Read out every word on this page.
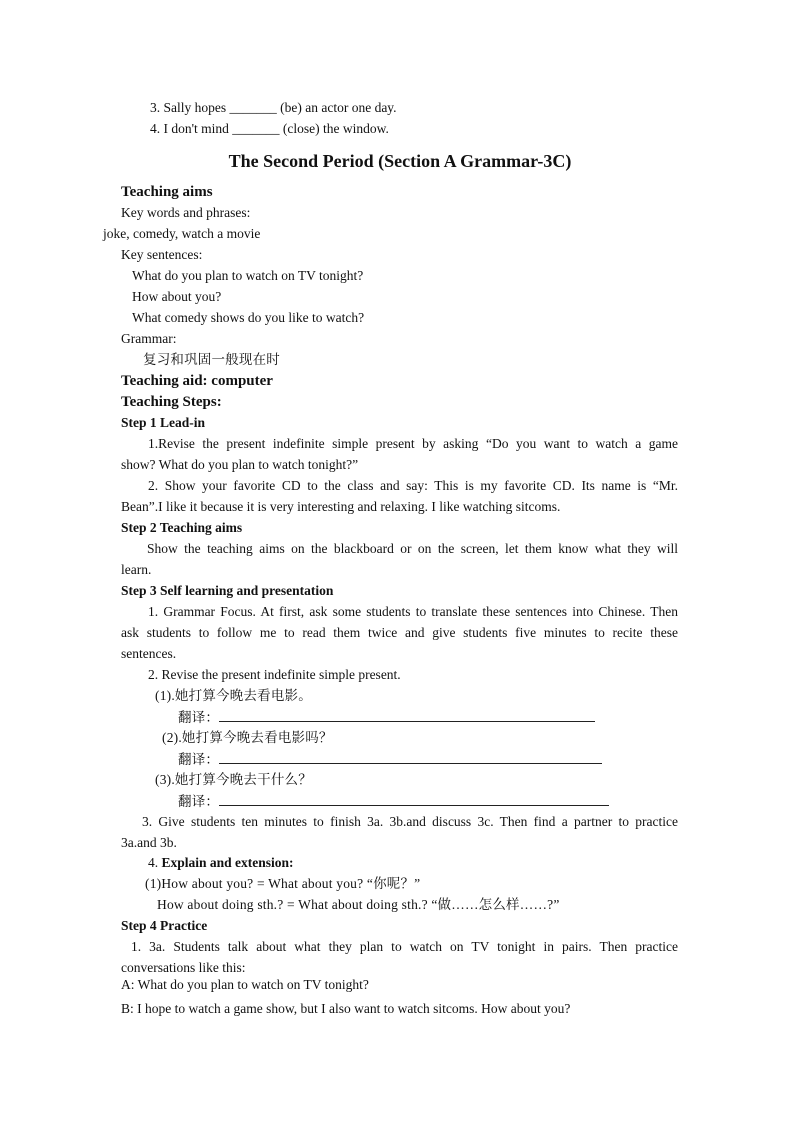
3. Sally hopes _______ (be) an actor one day.
4. I don't mind _______ (close) the window.
The Second Period (Section A Grammar-3C)
Teaching aims
Key words and phrases:
joke, comedy, watch a movie
Key sentences:
What do you plan to watch on TV tonight?
How about you?
What comedy shows do you like to watch?
Grammar:
复习和巩固一般现在时
Teaching aid: computer
Teaching Steps:
Step 1 Lead-in
1.Revise the present indefinite simple present by asking “Do you want to watch a game
show? What do you plan to watch tonight?”
2. Show your favorite CD to the class and say: This is my favorite CD. Its name is “Mr.
Bean”.I like it because it is very interesting and relaxing. I like watching sitcoms.
Step 2 Teaching aims
Show the teaching aims on the blackboard or on the screen, let them know what they will
learn.
Step 3 Self learning and presentation
1. Grammar Focus. At first, ask some students to translate these sentences into Chinese. Then
ask students to follow me to read them twice and give students five minutes to recite these
sentences.
2. Revise the present indefinite simple present.
(1).她打算今晚去看电影。
翻译：
(2).她打算今晚去看电影吗？
翻译：
(3).她打算今晚去干什么？
翻译：
3. Give students ten minutes to finish 3a. 3b.and discuss 3c. Then find a partner to practice
3a.and 3b.
4. Explain and extension:
(1)How about you? = What about you? “你呢？”
How about doing sth.? = What about doing sth.? “做……怎么样……?”
Step 4 Practice
1. 3a. Students talk about what they plan to watch on TV tonight in pairs. Then practice
conversations like this:
A: What do you plan to watch on TV tonight?
B: I hope to watch a game show, but I also want to watch sitcoms. How about you?
